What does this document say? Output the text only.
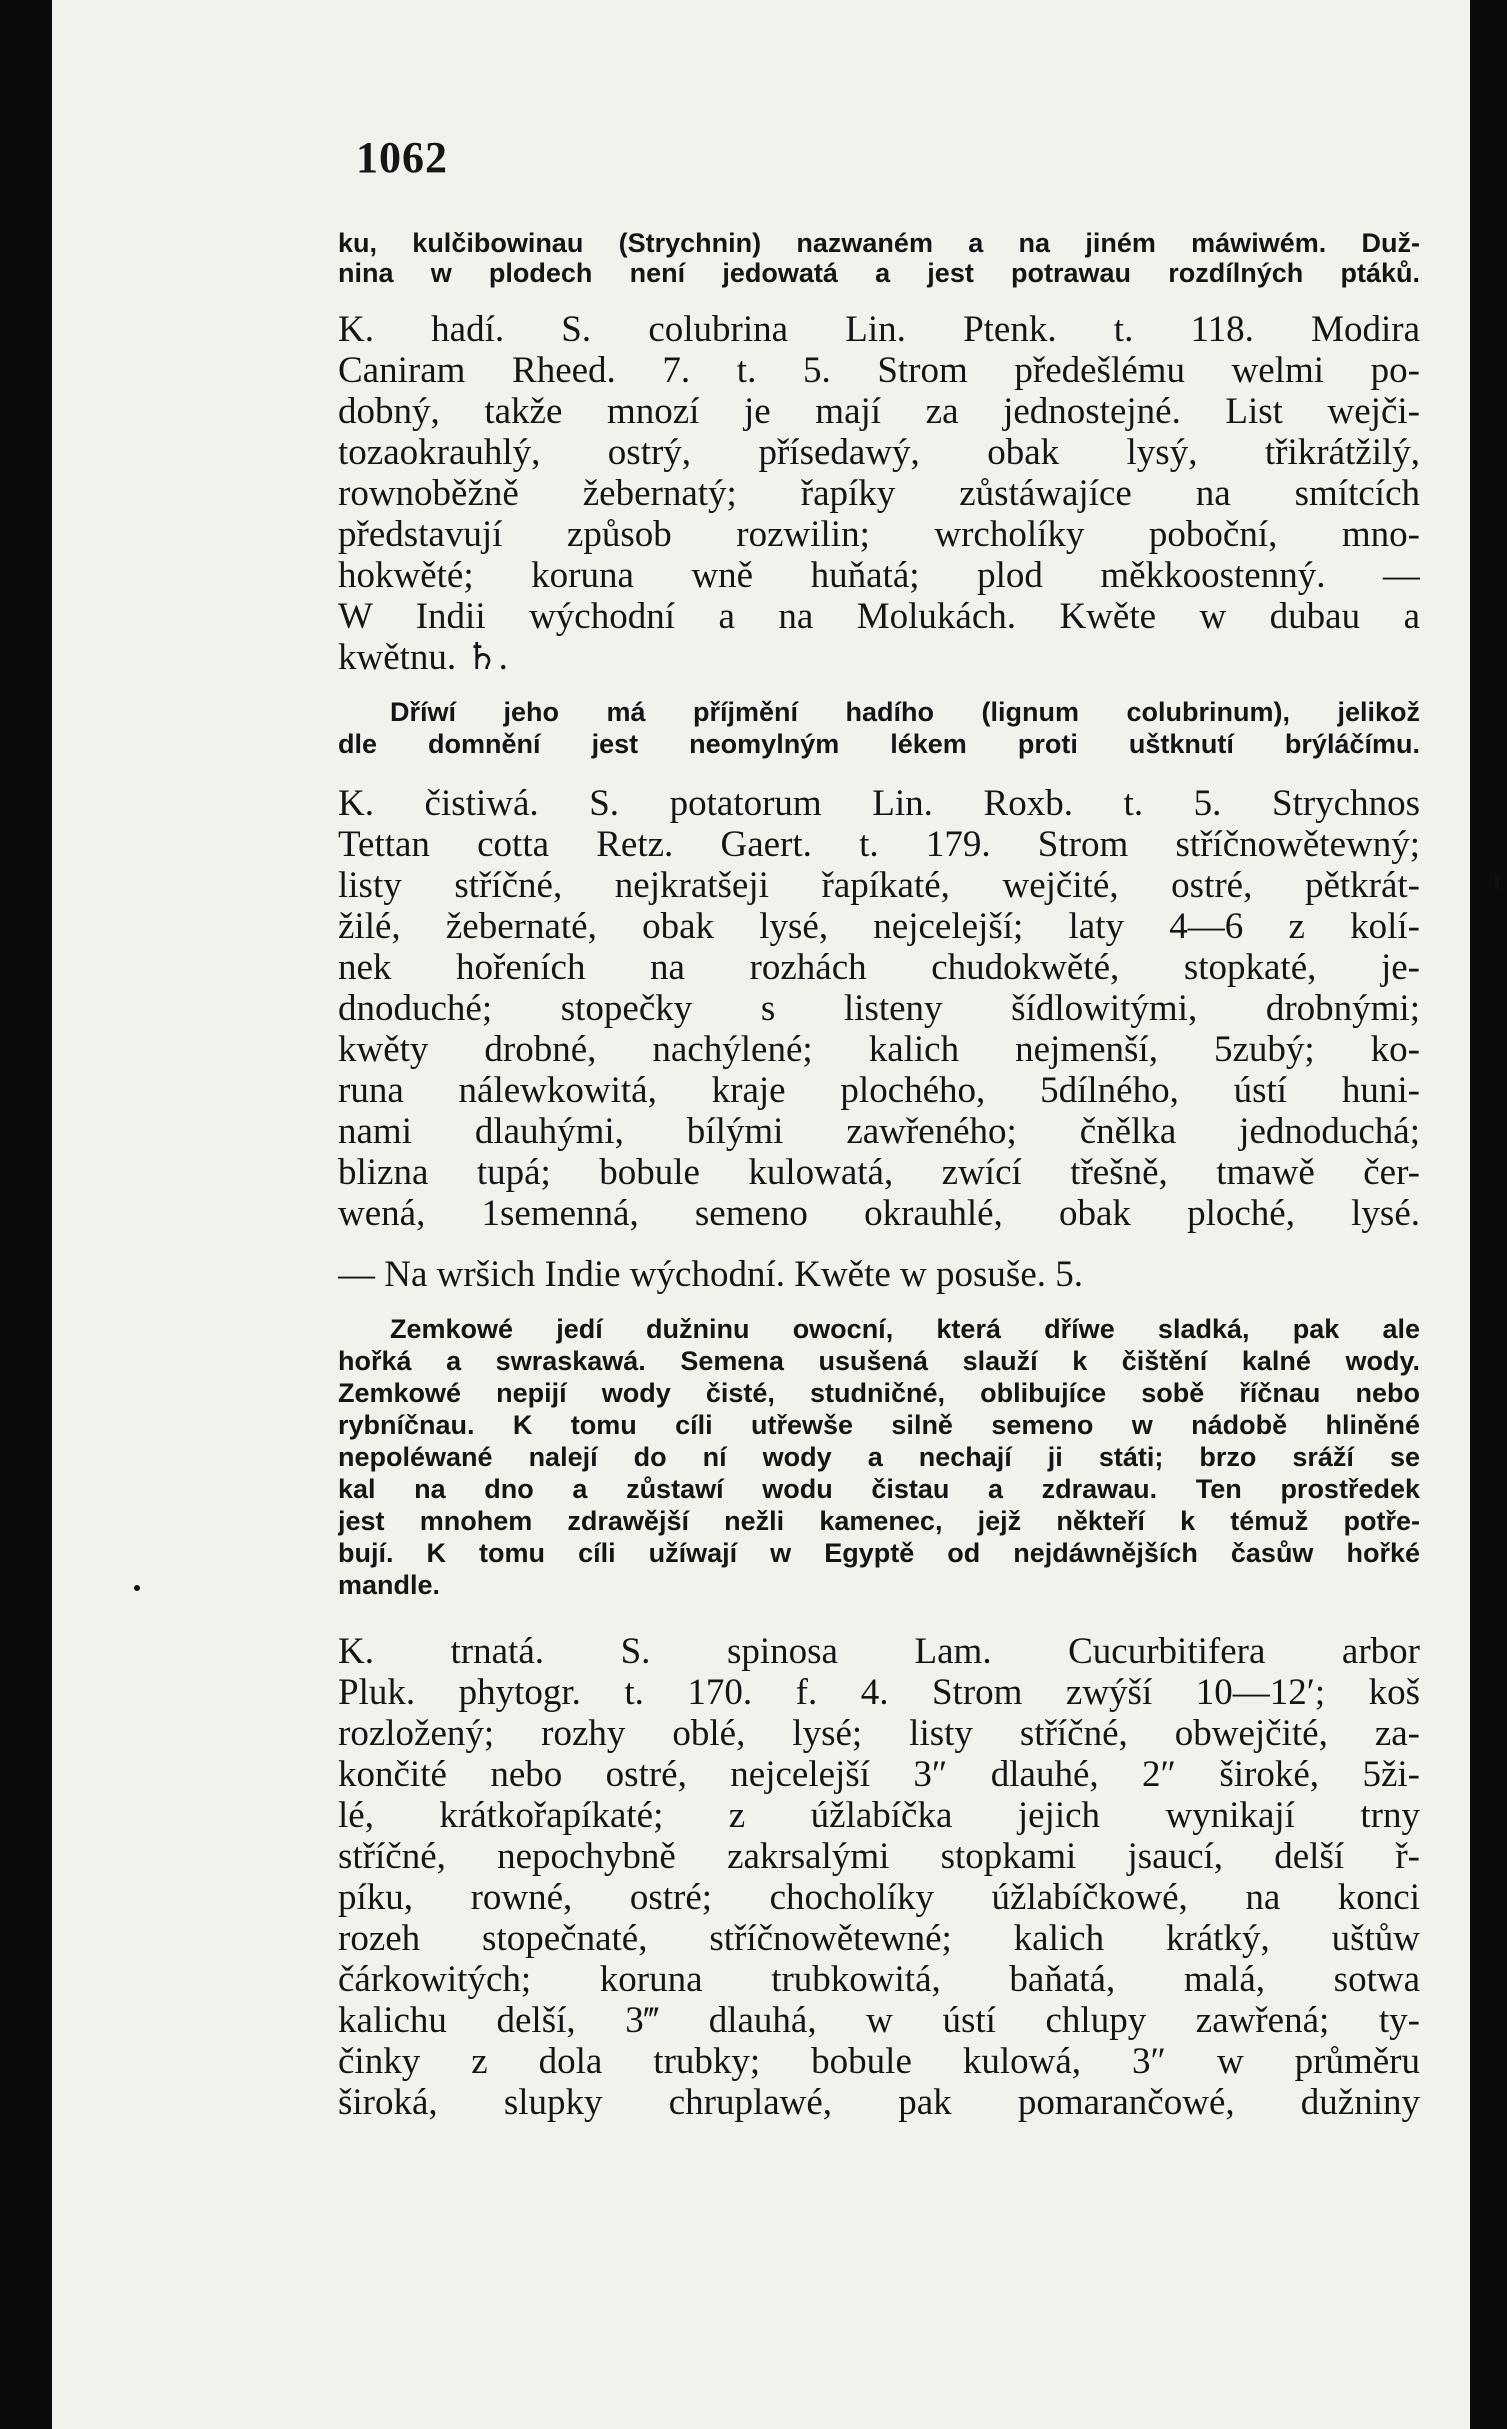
1062
ku, kulčibowinau (Strychnin) nazwaném a na jiném máwiwém. Duž-
nina w plodech není jedowatá a jest potrawau rozdílných ptáků.
K. hadí. S. colubrina Lin. Ptenk. t. 118. Modira
Caniram Rheed. 7. t. 5. Strom předešlému welmi po-
dobný, takže mnozí je mají za jednostejné. List wejči-
tozaokrauhlý, ostrý, přísedawý, obak lysý, třikrátžilý,
rownoběžně žebernatý; řapíky zůstáwajíce na smítcích
představují způsob rozwilin; wrcholíky poboční, mno-
hokwěté; koruna wně huňatá; plod měkkoostenný. —
W Indii wýchodní a na Molukách. Kwěte w dubau a
kwětnu. ♄.
Dříwí jeho má příjmění hadího (lignum colubrinum), jelikož
dle domnění jest neomylným lékem proti uštknutí brýláčímu.
K. čistiwá. S. potatorum Lin. Roxb. t. 5. Strychnos
Tettan cotta Retz. Gaert. t. 179. Strom stříčnowětewný;
listy stříčné, nejkratšeji řapíkaté, wejčité, ostré, pětkrát-
žilé, žebernaté, obak lysé, nejcelejší; laty 4—6 z kolí-
nek hořeních na rozhách chudokwěté, stopkaté, je-
dnoduché; stopečky s listeny šídlowitými, drobnými;
kwěty drobné, nachýlené; kalich nejmenší, 5zubý; ko-
runa nálewkowitá, kraje plochého, 5dílného, ústí huni-
nami dlauhými, bílými zawřeného; čnělka jednoduchá;
blizna tupá; bobule kulowatá, zwící třešně, tmawě čer-
wená, 1semenná, semeno okrauhlé, obak ploché, lysé.
— Na wršich Indie wýchodní. Kwěte w posuše. 5.
Zemkowé jedí dužninu owocní, která dříwe sladká, pak ale
hořká a swraskawá. Semena usušená slauží k čištění kalné wody.
Zemkowé nepijí wody čisté, studničné, oblibujíce sobě říčnau nebo
rybníčnau. K tomu cíli utřewše silně semeno w nádobě hliněné
nepoléwané nalejí do ní wody a nechají ji státi; brzo sráží se
kal na dno a zůstawí wodu čistau a zdrawau. Ten prostředek
jest mnohem zdrawější nežli kamenec, jejž někteří k témuž potře-
bují. K tomu cíli užíwají w Egyptě od nejdáwnějších časůw hořké
mandle.
K. trnatá. S. spinosa Lam. Cucurbitifera arbor
Pluk. phytogr. t. 170. f. 4. Strom zwýší 10—12′; koš
rozložený; rozhy oblé, lysé; listy stříčné, obwejčité, za-
končité nebo ostré, nejcelejší 3″ dlauhé, 2″ široké, 5ži-
lé, krátkořapíkaté; z úžlabíčka jejich wynikají trny
stříčné, nepochybně zakrsalými stopkami jsaucí, delší ř-
píku, rowné, ostré; chocholíky úžlabíčkowé, na konci
rozeh stopečnaté, stříčnowětewné; kalich krátký, uštůw
čárkowitých; koruna trubkowitá, baňatá, malá, sotwa
kalichu delší, 3‴ dlauhá, w ústí chlupy zawřená; ty-
činky z dola trubky; bobule kulowá, 3″ w průměru
široká, slupky chruplawé, pak pomarančowé, dužniny
